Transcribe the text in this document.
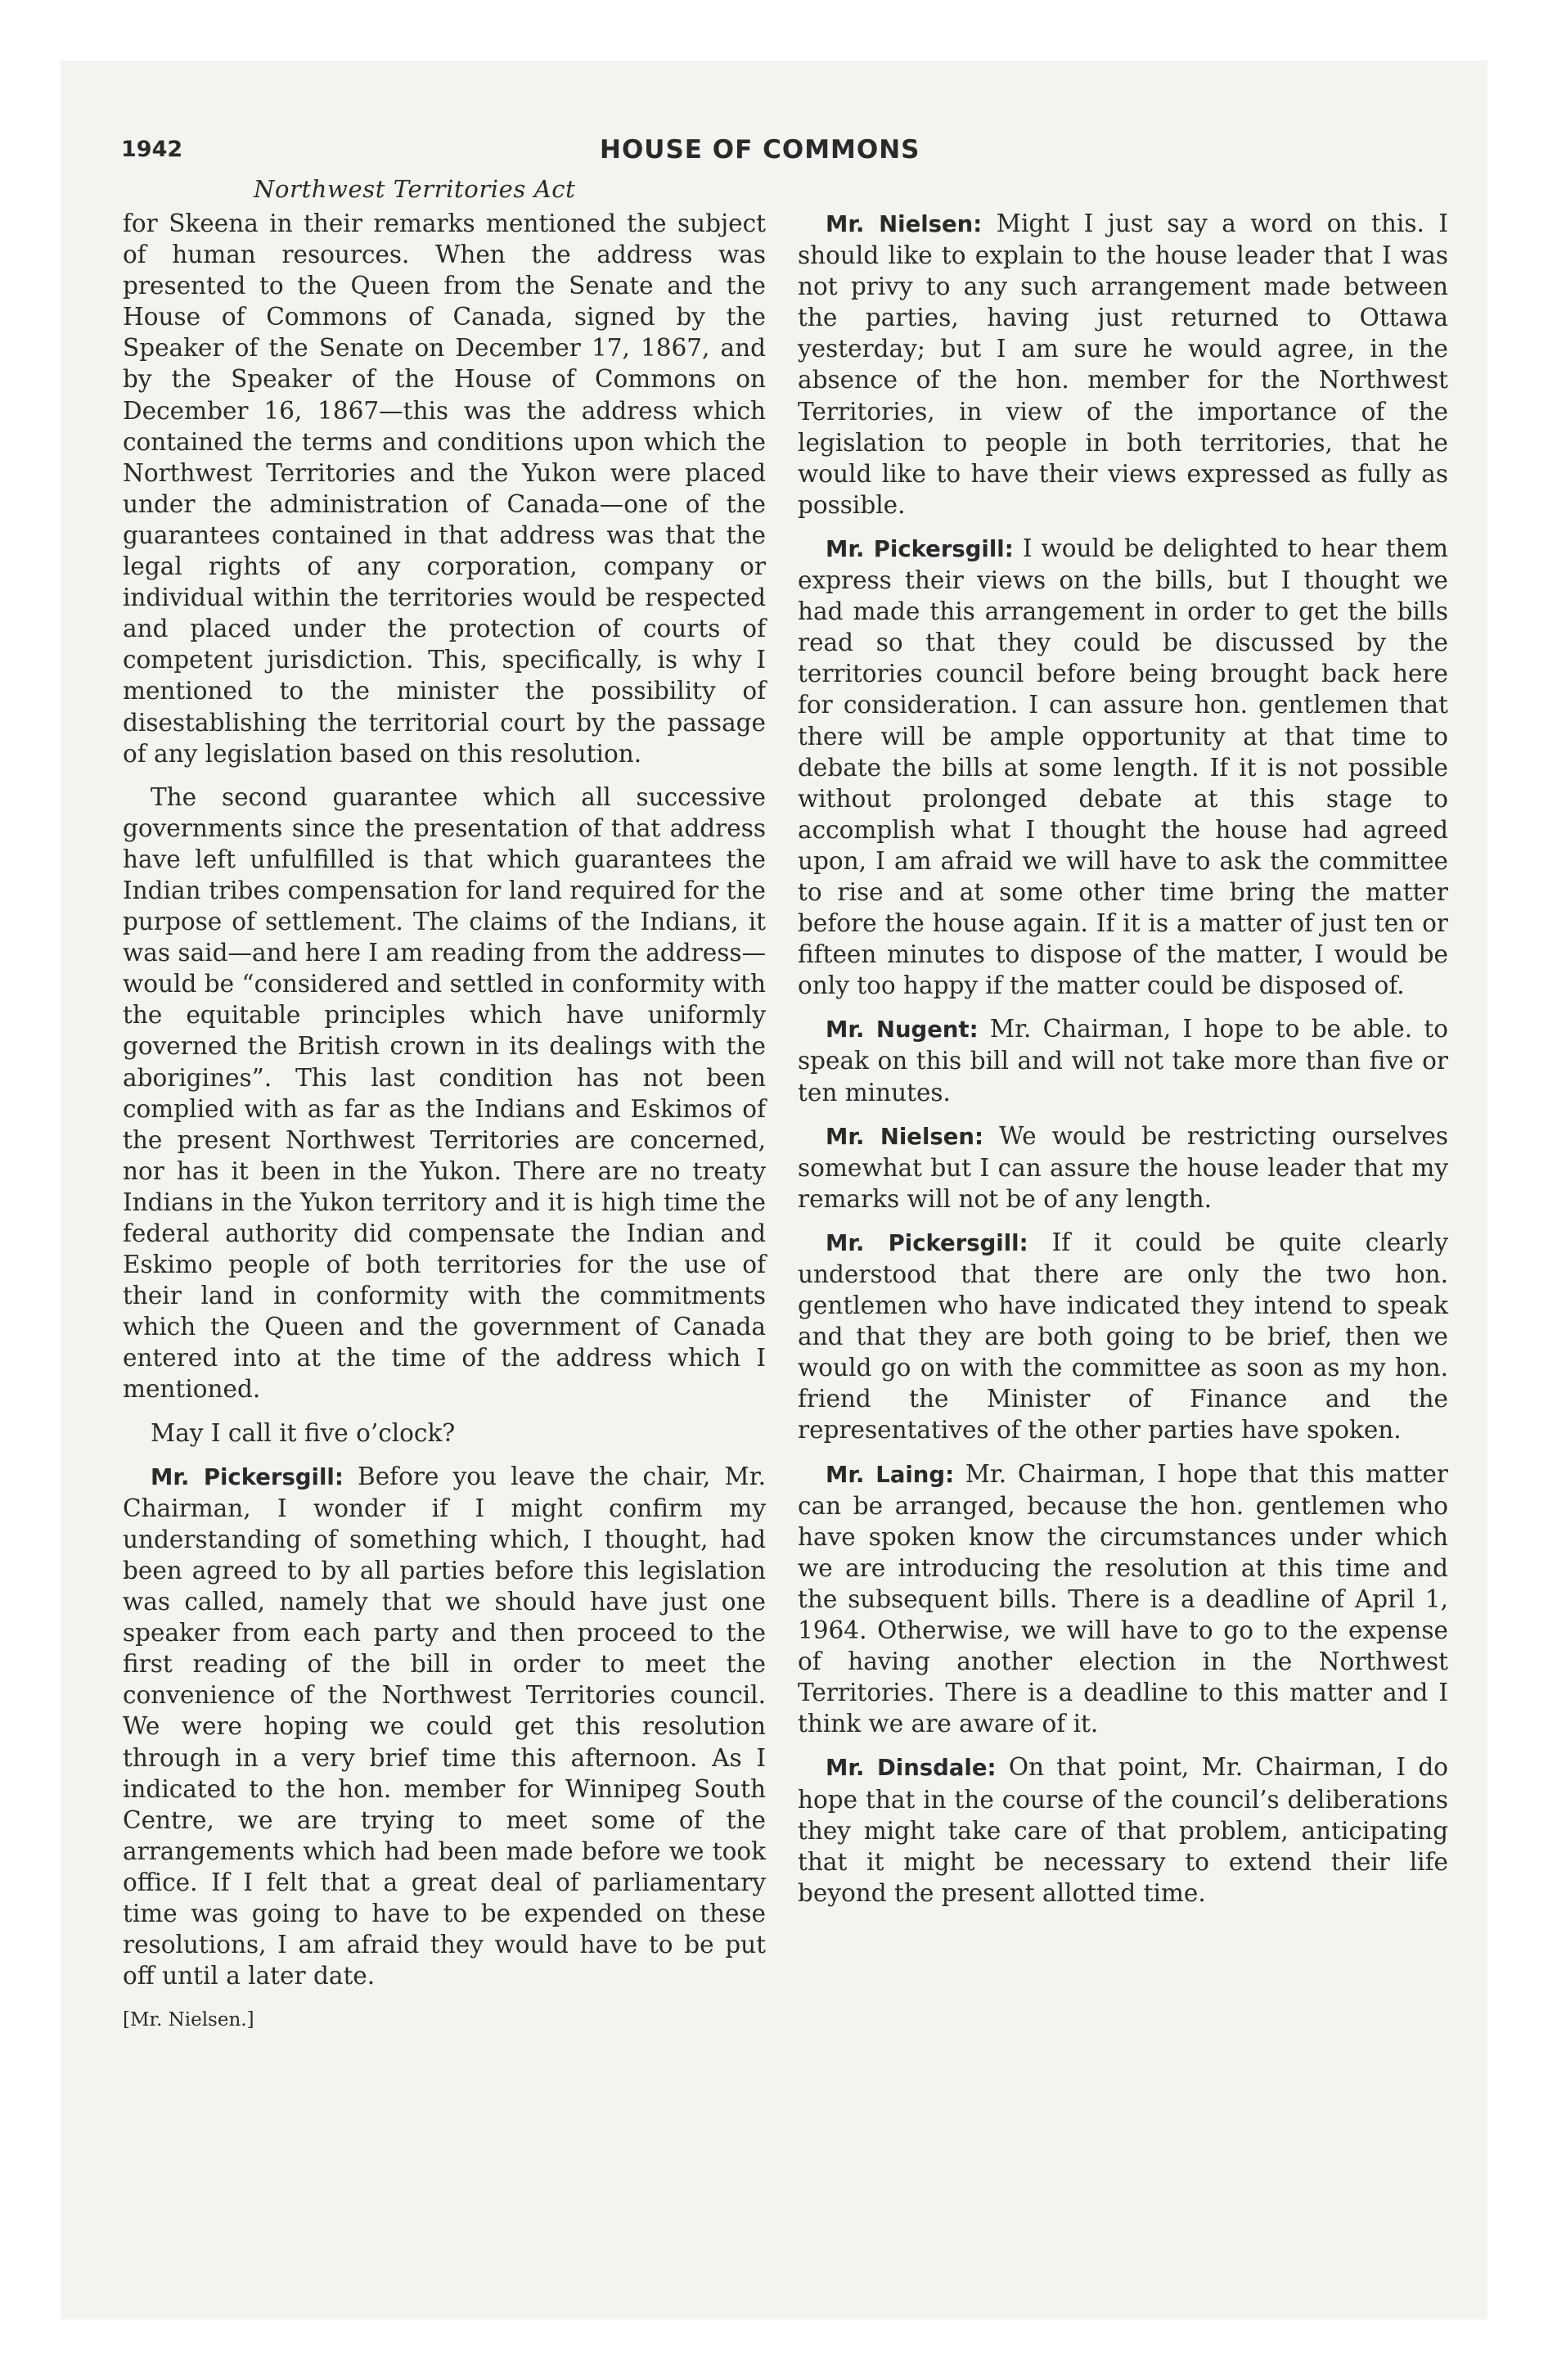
1942	HOUSE OF COMMONS
Northwest Territories Act

for Skeena in their remarks mentioned the subject of human resources. When the address was presented to the Queen from the Senate and the House of Commons of Canada, signed by the Speaker of the Senate on December 17, 1867, and by the Speaker of the House of Commons on December 16, 1867—this was the address which contained the terms and conditions upon which the Northwest Territories and the Yukon were placed under the administration of Canada—one of the guarantees contained in that address was that the legal rights of any corporation, company or individual within the territories would be respected and placed under the protection of courts of competent jurisdiction. This, specifically, is why I mentioned to the minister the possibility of disestablishing the territorial court by the passage of any legislation based on this resolution.

The second guarantee which all successive governments since the presentation of that address have left unfulfilled is that which guarantees the Indian tribes compensation for land required for the purpose of settlement. The claims of the Indians, it was said—and here I am reading from the address—would be “considered and settled in conformity with the equitable principles which have uniformly governed the British crown in its dealings with the aborigines”. This last condition has not been complied with as far as the Indians and Eskimos of the present Northwest Territories are concerned, nor has it been in the Yukon. There are no treaty Indians in the Yukon territory and it is high time the federal authority did compensate the Indian and Eskimo people of both territories for the use of their land in conformity with the commitments which the Queen and the government of Canada entered into at the time of the address which I mentioned.

May I call it five o’clock?

Mr. Pickersgill: Before you leave the chair, Mr. Chairman, I wonder if I might confirm my understanding of something which, I thought, had been agreed to by all parties before this legislation was called, namely that we should have just one speaker from each party and then proceed to the first reading of the bill in order to meet the convenience of the Northwest Territories council. We were hoping we could get this resolution through in a very brief time this afternoon. As I indicated to the hon. member for Winnipeg South Centre, we are trying to meet some of the arrangements which had been made before we took office. If I felt that a great deal of parliamentary time was going to have to be expended on these resolutions, I am afraid they would have to be put off until a later date.

[Mr. Nielsen.]

Mr. Nielsen: Might I just say a word on this. I should like to explain to the house leader that I was not privy to any such arrangement made between the parties, having just returned to Ottawa yesterday; but I am sure he would agree, in the absence of the hon. member for the Northwest Territories, in view of the importance of the legislation to people in both territories, that he would like to have their views expressed as fully as possible.

Mr. Pickersgill: I would be delighted to hear them express their views on the bills, but I thought we had made this arrangement in order to get the bills read so that they could be discussed by the territories council before being brought back here for consideration. I can assure hon. gentlemen that there will be ample opportunity at that time to debate the bills at some length. If it is not possible without prolonged debate at this stage to accomplish what I thought the house had agreed upon, I am afraid we will have to ask the committee to rise and at some other time bring the matter before the house again. If it is a matter of just ten or fifteen minutes to dispose of the matter, I would be only too happy if the matter could be disposed of.

Mr. Nugent: Mr. Chairman, I hope to be able. to speak on this bill and will not take more than five or ten minutes.

Mr. Nielsen: We would be restricting ourselves somewhat but I can assure the house leader that my remarks will not be of any length.

Mr. Pickersgill: If it could be quite clearly understood that there are only the two hon. gentlemen who have indicated they intend to speak and that they are both going to be brief, then we would go on with the committee as soon as my hon. friend the Minister of Finance and the representatives of the other parties have spoken.

Mr. Laing: Mr. Chairman, I hope that this matter can be arranged, because the hon. gentlemen who have spoken know the circumstances under which we are introducing the resolution at this time and the subsequent bills. There is a deadline of April 1, 1964. Otherwise, we will have to go to the expense of having another election in the Northwest Territories. There is a deadline to this matter and I think we are aware of it.

Mr. Dinsdale: On that point, Mr. Chairman, I do hope that in the course of the council’s deliberations they might take care of that problem, anticipating that it might be necessary to extend their life beyond the present allotted time.
